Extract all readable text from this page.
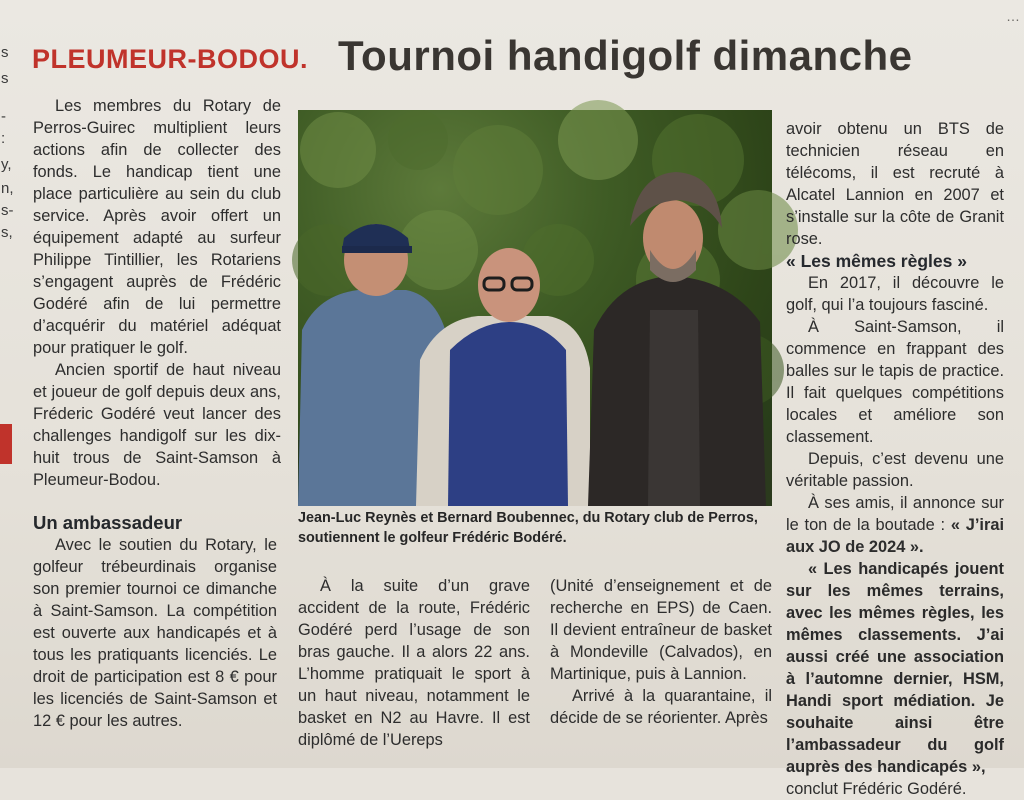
s
s
-
:
y,
n,
s-
s,
…
PLEUMEUR-BODOU. Tournoi handigolf dimanche

Les membres du Rotary de Perros-Guirec multiplient leurs actions afin de collecter des fonds. Le handicap tient une place particulière au sein du club service. Après avoir offert un équipement adapté au surfeur Philippe Tintillier, les Rotariens s’engagent auprès de Frédéric Godéré afin de lui permettre d’acquérir du matériel adéquat pour pratiquer le golf.

Ancien sportif de haut niveau et joueur de golf depuis deux ans, Fréderic Godéré veut lancer des challenges handigolf sur les dix-huit trous de Saint-Samson à Pleumeur-Bodou.

Un ambassadeur

Avec le soutien du Rotary, le golfeur trébeurdinais organise son premier tournoi ce dimanche à Saint-Samson. La compétition est ouverte aux handicapés et à tous les pratiquants licenciés. Le droit de participation est 8 € pour les licenciés de Saint-Samson et 12 € pour les autres.

Jean-Luc Reynès et Bernard Boubennec, du Rotary club de Perros, soutiennent le golfeur Frédéric Bodéré.

À la suite d’un grave accident de la route, Frédéric Godéré perd l’usage de son bras gauche. Il a alors 22 ans. L’homme pratiquait le sport à un haut niveau, notamment le basket en N2 au Havre. Il est diplômé de l’Uereps

(Unité d’enseignement et de recherche en EPS) de Caen. Il devient entraîneur de basket à Mondeville (Calvados), en Martinique, puis à Lannion.

Arrivé à la quarantaine, il décide de se réorienter. Après

avoir obtenu un BTS de technicien réseau en télécoms, il est recruté à Alcatel Lannion en 2007 et s’installe sur la côte de Granit rose.

« Les mêmes règles »

En 2017, il découvre le golf, qui l’a toujours fasciné.

À Saint-Samson, il commence en frappant des balles sur le tapis de practice. Il fait quelques compétitions locales et améliore son classement.

Depuis, c’est devenu une véritable passion.

À ses amis, il annonce sur le ton de la boutade : « J’irai aux JO de 2024 ».

« Les handicapés jouent sur les mêmes terrains, avec les mêmes règles, les mêmes classements. J’ai aussi créé une association à l’automne dernier, HSM, Handi sport médiation. Je souhaite ainsi être l’ambassadeur du golf auprès des handicapés »,

conclut Frédéric Godéré.
